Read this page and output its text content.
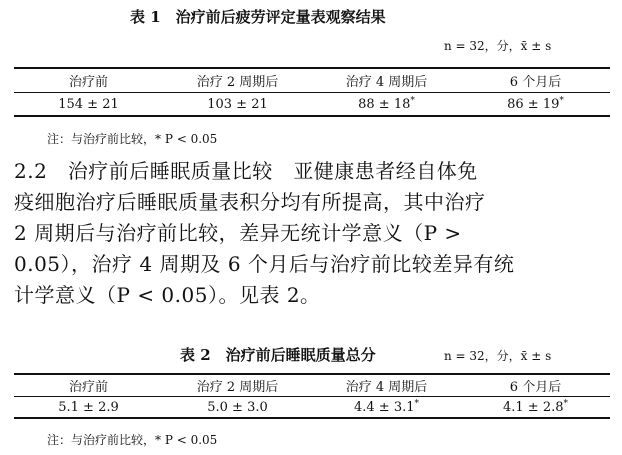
表 1　治疗前后疲劳评定量表观察结果
n = 32，分，x̄ ± s
治疗前	治疗 2 周期后	治疗 4 周期后	6 个月后
154 ± 21	103 ± 21	88 ± 18*	86 ± 19*
注：与治疗前比较，* P < 0.05

2.2　治疗前后睡眠质量比较　亚健康患者经自体免

疫细胞治疗后睡眠质量表积分均有所提高，其中治疗

2 周期后与治疗前比较，差异无统计学意义（P >

0.05），治疗 4 周期及 6 个月后与治疗前比较差异有统

计学意义（P < 0.05）。见表 2。

表 2　治疗前后睡眠质量总分	n = 32，分，x̄ ± s
治疗前	治疗 2 周期后	治疗 4 周期后	6 个月后
5.1 ± 2.9	5.0 ± 3.0	4.4 ± 3.1*	4.1 ± 2.8*
注：与治疗前比较，* P < 0.05
